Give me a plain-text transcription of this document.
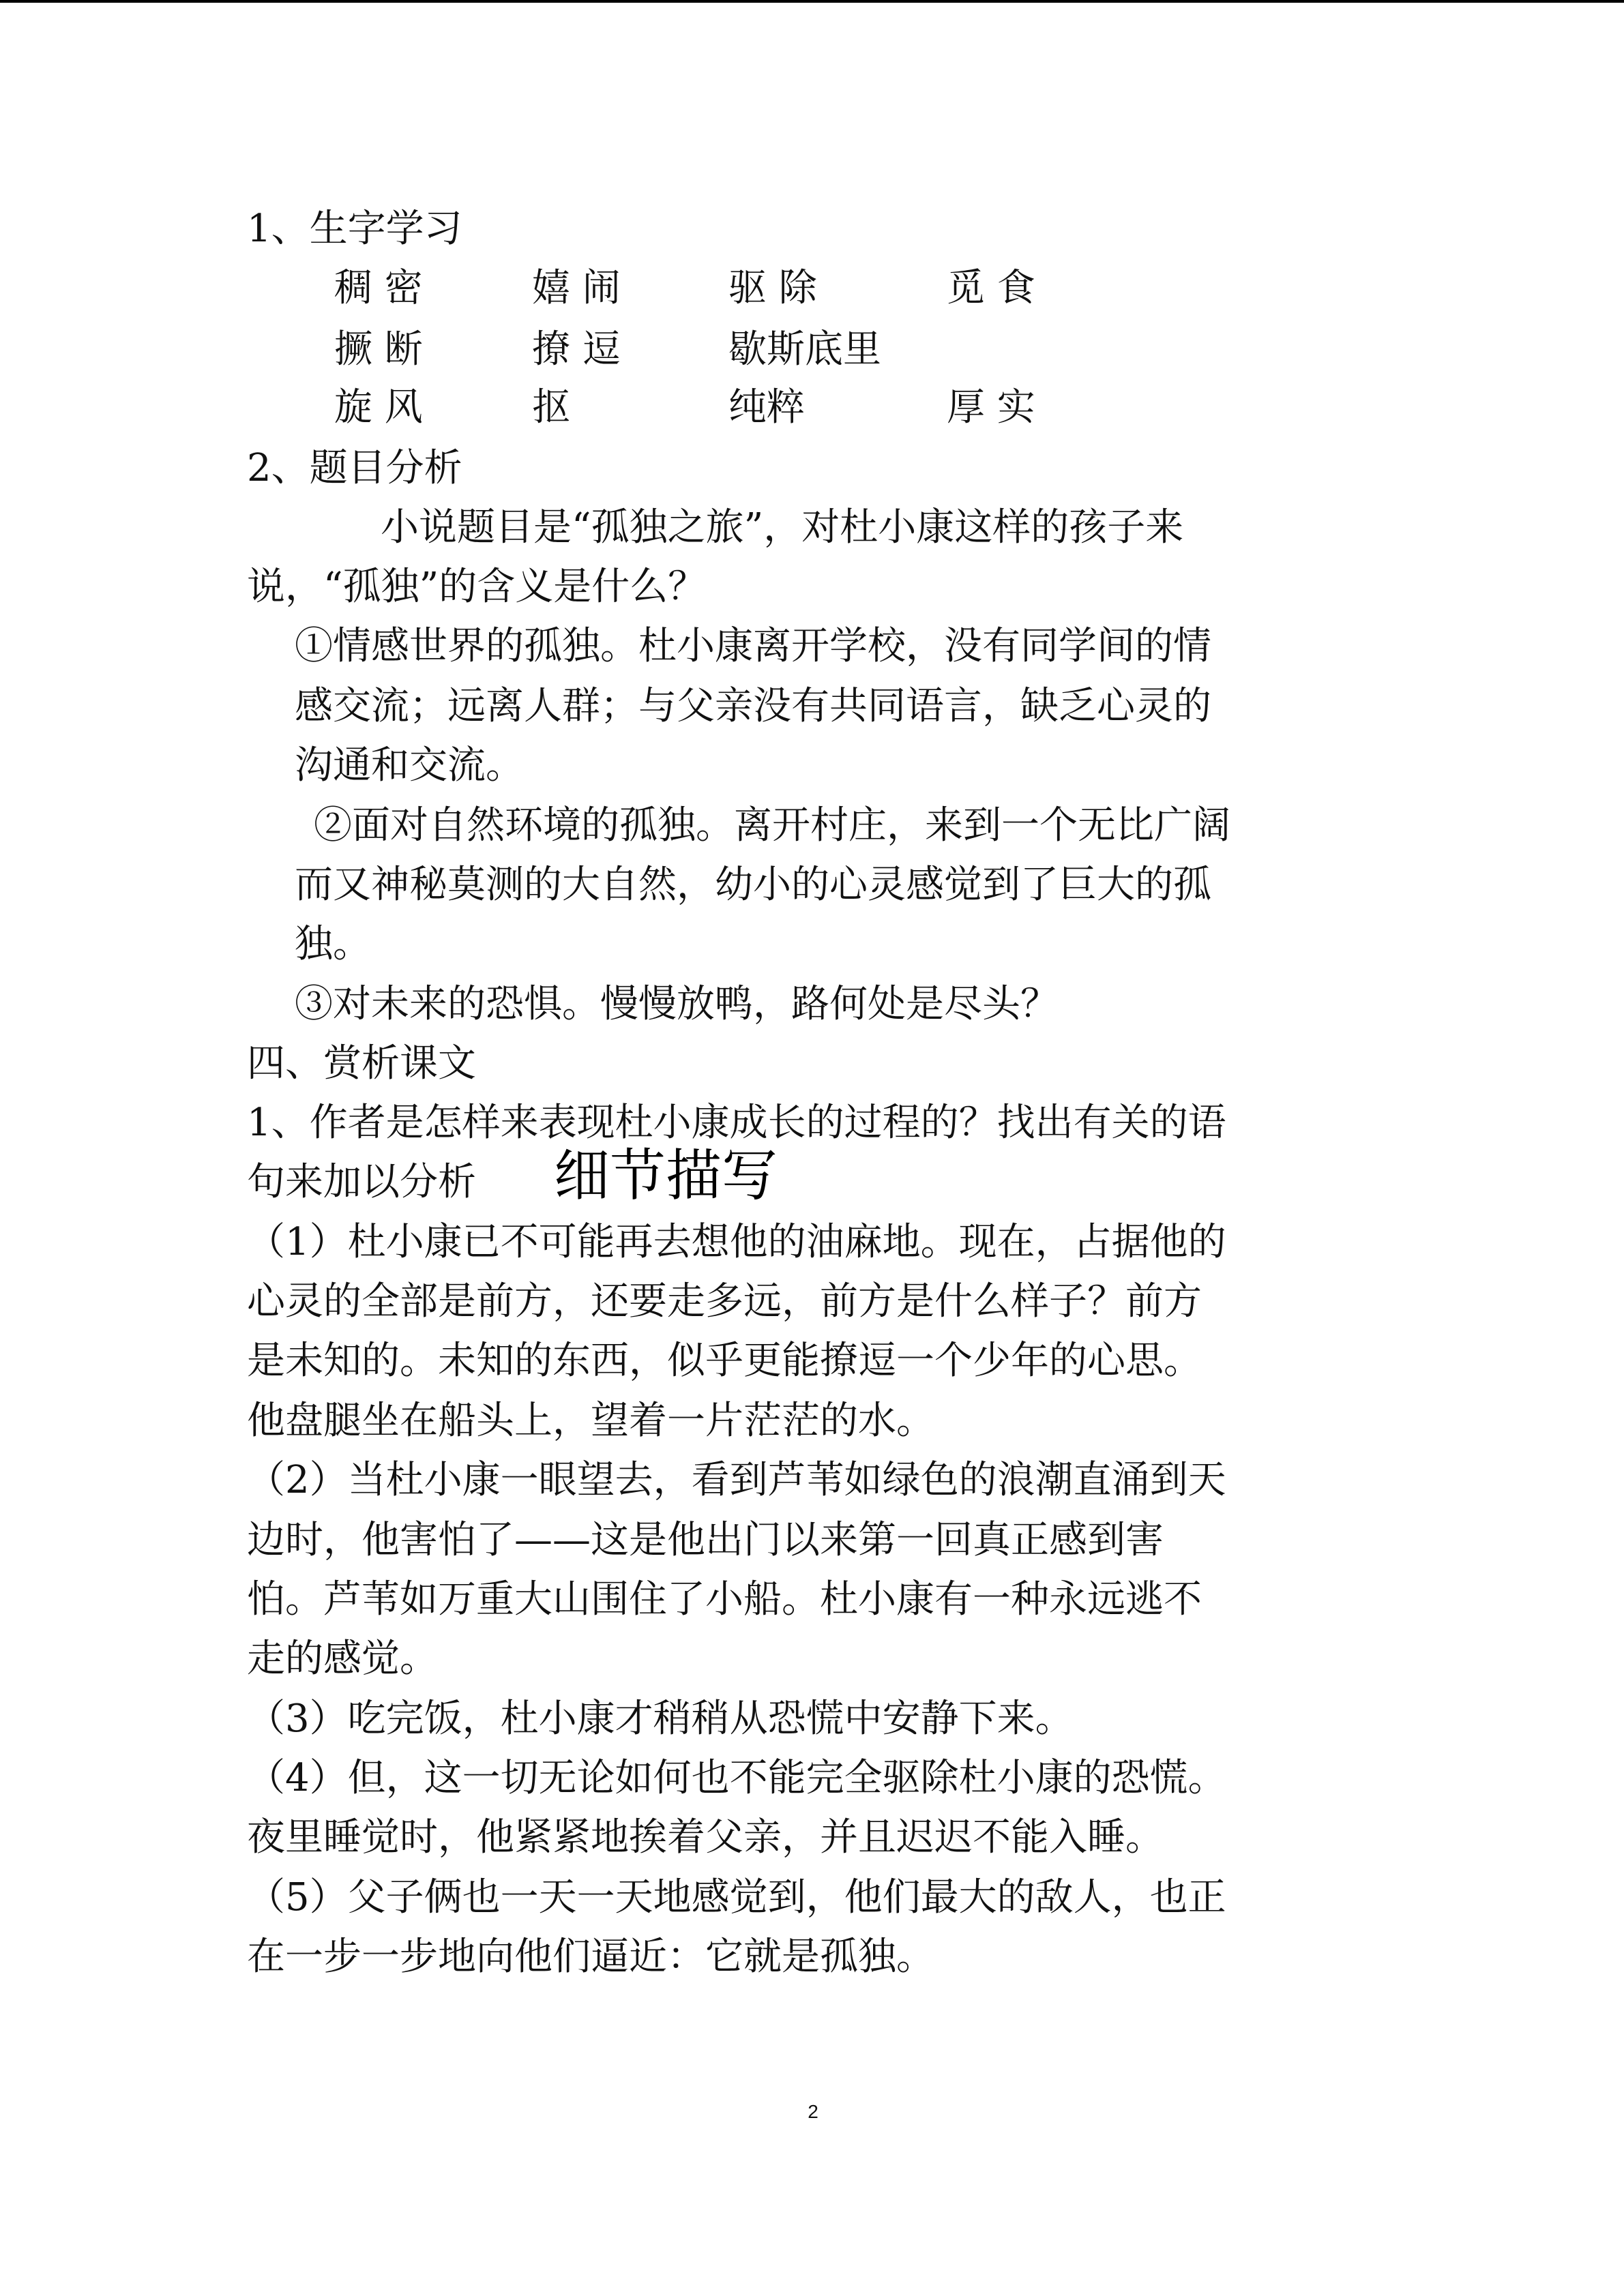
1、生字学习
稠 密	嬉 闹	驱 除	觅 食
撅 断	撩 逗	歇斯底里
旋 风	抠	纯粹	厚 实
2、题目分析
小说题目是“孤独之旅”，对杜小康这样的孩子来
说，“孤独”的含义是什么？
①情感世界的孤独。杜小康离开学校，没有同学间的情
感交流；远离人群；与父亲没有共同语言，缺乏心灵的
沟通和交流。
②面对自然环境的孤独。离开村庄，来到一个无比广阔
而又神秘莫测的大自然，幼小的心灵感觉到了巨大的孤
独。
③对未来的恐惧。慢慢放鸭，路何处是尽头？
四、赏析课文
1、作者是怎样来表现杜小康成长的过程的？找出有关的语
句来加以分析 细节描写
（1）杜小康已不可能再去想他的油麻地。现在，占据他的
心灵的全部是前方，还要走多远，前方是什么样子？前方
是未知的。未知的东西，似乎更能撩逗一个少年的心思。
他盘腿坐在船头上，望着一片茫茫的水。
（2）当杜小康一眼望去，看到芦苇如绿色的浪潮直涌到天
边时，他害怕了——这是他出门以来第一回真正感到害
怕。芦苇如万重大山围住了小船。杜小康有一种永远逃不
走的感觉。
（3）吃完饭，杜小康才稍稍从恐慌中安静下来。
（4）但，这一切无论如何也不能完全驱除杜小康的恐慌。
夜里睡觉时，他紧紧地挨着父亲，并且迟迟不能入睡。
（5）父子俩也一天一天地感觉到，他们最大的敌人，也正
在一步一步地向他们逼近：它就是孤独。
2
